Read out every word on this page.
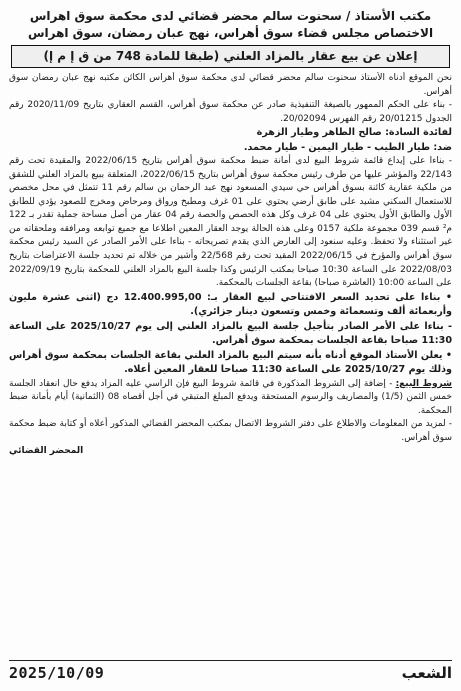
مكتب الأستاذ / سحنوت سالم محضر قضائي لدى محكمة سوق اهراس

الاختصاص مجلس قضاء سوق أهراس، نهج عبان رمضان، سوق اهراس

إعلان عن بيع عقار بالمزاد العلني (طبقا للمادة 748 من ق إ م إ)

نحن الموقع أدناه الأستاذ سحنوت سالم محضر قضائي لدى محكمة سوق أهراس الكائن مكتبه نهج عبان رمضان سوق أهراس.

- بناء على الحكم الممهور بالصيغة التنفيذية صادر عن محكمة سوق أهراس، القسم العقاري بتاريخ 2020/11/09 رقم الجدول 20/01215 رقم الفهرس 20/02094.

لفائدة السادة: صالح الطاهر وطيار الزهرة

ضد: طيار الطيب - طيار اليمين - طيار محمد.

- بناءا على إيداع قائمة شروط البيع لدى أمانة ضبط محكمة سوق أهراس بتاريخ 2022/06/15 والمقيدة تحت رقم 22/143 والمؤشر عليها من طرف رئيس محكمة سوق أهراس بتاريخ 2022/06/15، المتعلقة ببيع بالمزاد العلني للشقق من ملكية عقارية كائنة بسوق أهراس حي سيدي المسعود نهج عبد الرحمان بن سالم رقم 11 تتمثل في محل مخصص للاستعمال السكني مشيد على طابق أرضي يحتوي على 01 غرف ومطبخ ورواق ومرحاض ومخرج للصعود يؤدي للطابق الأول والطابق الأول يحتوي على 04 غرف وكل هذه الحصص والحصة رقم 04 عقار من أصل مساحة جملية تقدر بـ 122 م² قسم 039 مجموعة ملكية 0157 وعلى هذه الحالة يوجد العقار المعين اطلاعا مع جميع توابعه ومرافقه وملحقاته من غير استثناء ولا تحفظ. وعليه سنعود إلى العارض الذي يقدم تصريحاته - بناءا على الأمر الصادر عن السيد رئيس محكمة سوق أهراس والمؤرخ في 2022/06/15 المقيد تحت رقم 22/568 وأشير من خلاله تم تحديد جلسة الاعتراضات بتاريخ 2022/08/03 على الساعة 10:30 صباحا بمكتب الرئيس وكذا جلسة البيع بالمزاد العلني للمحكمة بتاريخ 2022/09/19 على الساعة 10:00 (العاشرة صباحا) بقاعة الجلسات بالمحكمة.

• بناءا على تحديد السعر الافتتاحي لبيع العقار بـ: 12.400.995,00 دج (اثنى عشرة مليون وأربعمائة ألف وتسعمائة وخمس وتسعون دينار جزائري).

- بناءا على الأمر الصادر بتأجيل جلسة البيع بالمزاد العلني إلى يوم 2025/10/27 على الساعة 11:30 صباحا بقاعة الجلسات بمحكمة سوق أهراس.

• يعلن الأستاذ الموقع أدناه بأنه سيتم البيع بالمزاد العلني بقاعة الجلسات بمحكمة سوق أهراس وذلك يوم 2025/10/27 على الساعة 11:30 صباحا للعقار المعين أعلاه.

شروط البيع: - إضافة إلى الشروط المذكورة في قائمة شروط البيع فإن الراسي عليه المزاد يدفع حال انعقاد الجلسة خمس الثمن (1/5) والمصاريف والرسوم المستحقة ويدفع المبلغ المتبقي في أجل أقصاه 08 (الثمانية) أيام بأمانة ضبط المحكمة.

- لمزيد من المعلومات والاطلاع على دفتر الشروط الاتصال بمكتب المحضر القضائي المذكور أعلاه أو كتابة ضبط محكمة سوق أهراس.

المحضر القضائي
الشعب
2025/10/09
